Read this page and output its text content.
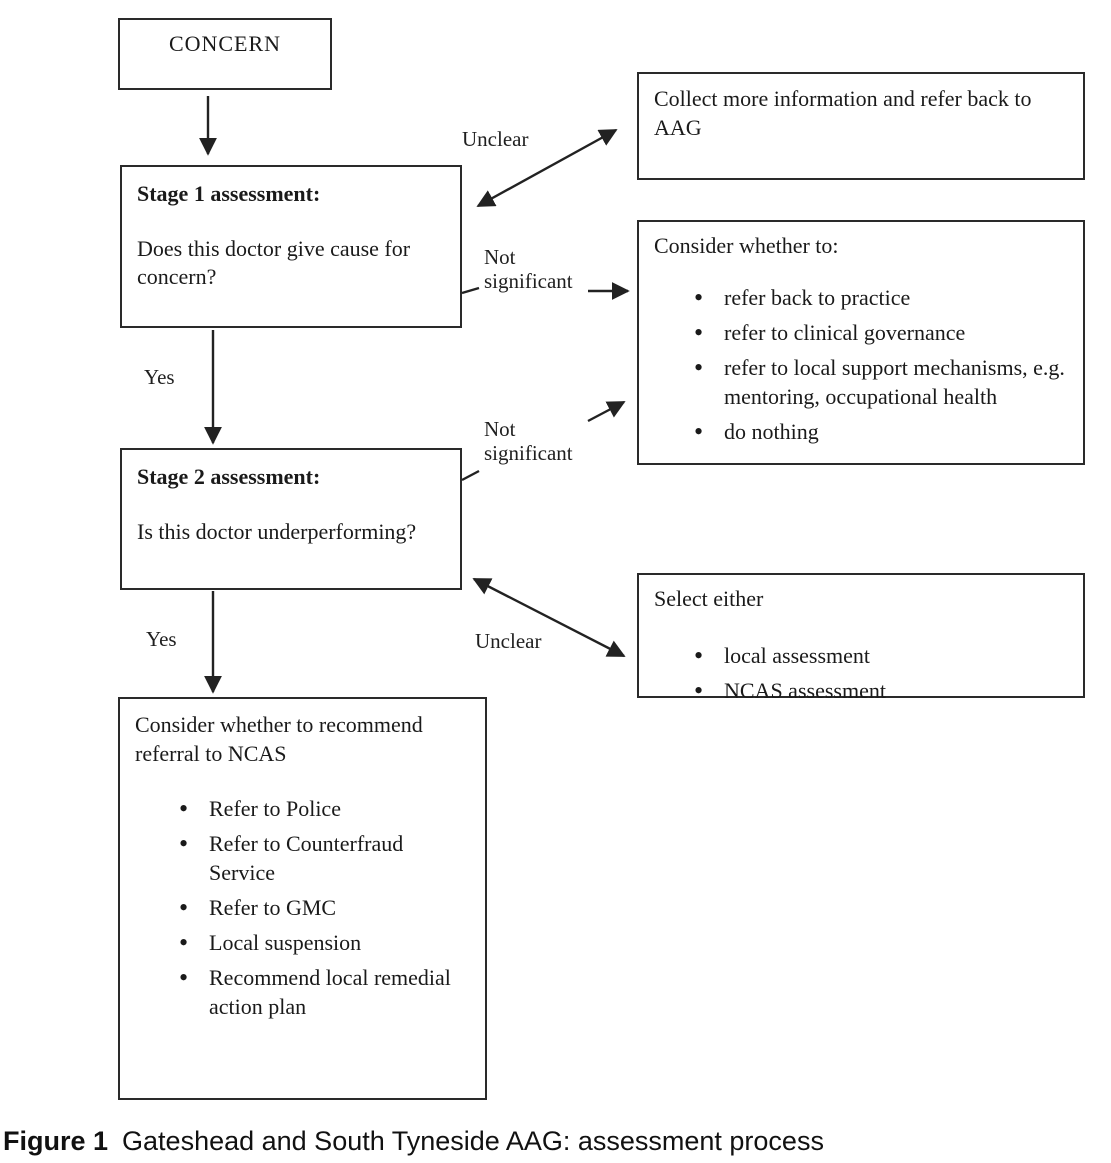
CONCERN
Stage 1 assessment:
Does this doctor give cause for concern?
Collect more information and refer back to AAG
Consider whether to:
• refer back to practice
• refer to clinical governance
• refer to local support mechanisms, e.g. mentoring, occupational health
• do nothing
Stage 2 assessment:
Is this doctor underperforming?
Select either
• local assessment
• NCAS assessment
Consider whether to recommend referral to NCAS
• Refer to Police
• Refer to Counterfraud Service
• Refer to GMC
• Local suspension
• Recommend local remedial action plan
Unclear
Not significant
Yes
Not significant
Yes	Unclear
Figure 1 Gateshead and South Tyneside AAG: assessment process
